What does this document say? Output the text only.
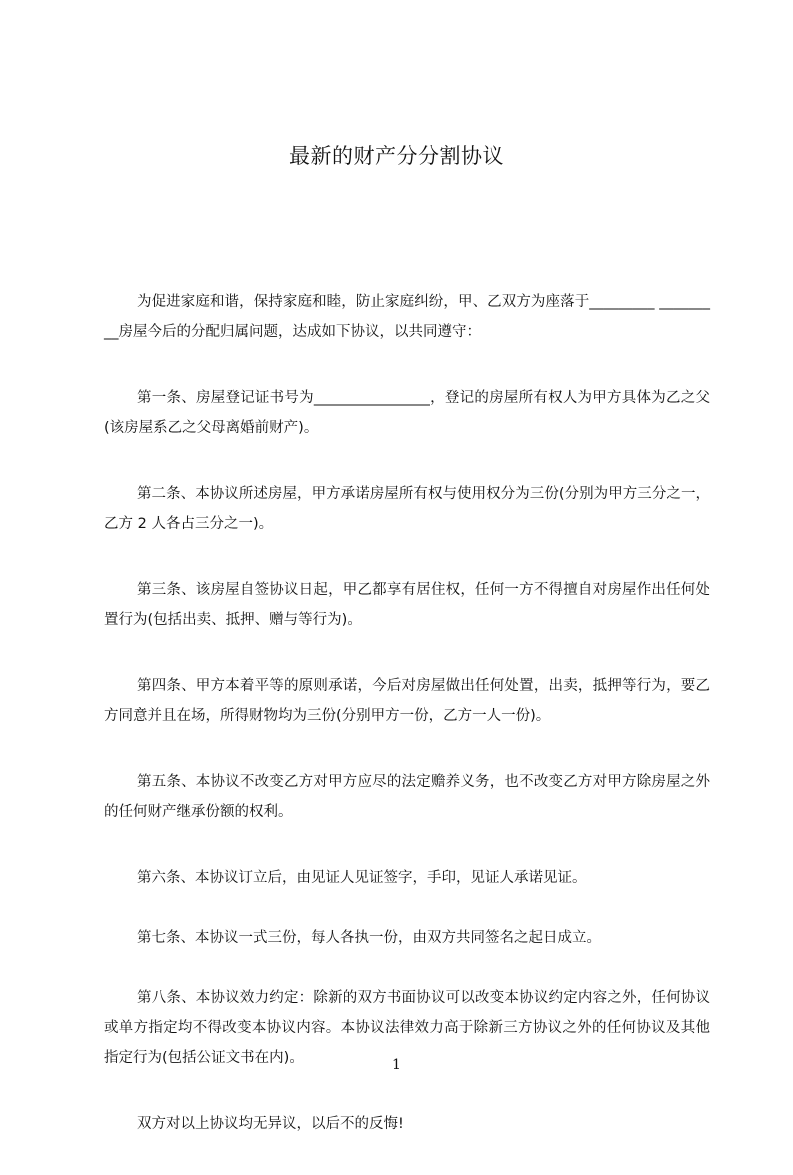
最新的财产分分割协议

为促进家庭和谐，保持家庭和睦，防止家庭纠纷，甲、乙双方为座落于_________ _________房屋今后的分配归属问题，达成如下协议，以共同遵守：

第一条、房屋登记证书号为________________，登记的房屋所有权人为甲方具体为乙之父(该房屋系乙之父母离婚前财产)。

第二条、本协议所述房屋，甲方承诺房屋所有权与使用权分为三份(分别为甲方三分之一，乙方 2 人各占三分之一)。

第三条、该房屋自签协议日起，甲乙都享有居住权，任何一方不得擅自对房屋作出任何处置行为(包括出卖、抵押、赠与等行为)。

第四条、甲方本着平等的原则承诺，今后对房屋做出任何处置，出卖，抵押等行为，要乙方同意并且在场，所得财物均为三份(分别甲方一份，乙方一人一份)。

第五条、本协议不改变乙方对甲方应尽的法定赡养义务，也不改变乙方对甲方除房屋之外的任何财产继承份额的权利。

第六条、本协议订立后，由见证人见证签字，手印，见证人承诺见证。

第七条、本协议一式三份，每人各执一份，由双方共同签名之起日成立。

第八条、本协议效力约定：除新的双方书面协议可以改变本协议约定内容之外，任何协议或单方指定均不得改变本协议内容。本协议法律效力高于除新三方协议之外的任何协议及其他指定行为(包括公证文书在内)。

双方对以上协议均无异议，以后不的反悔!

1
